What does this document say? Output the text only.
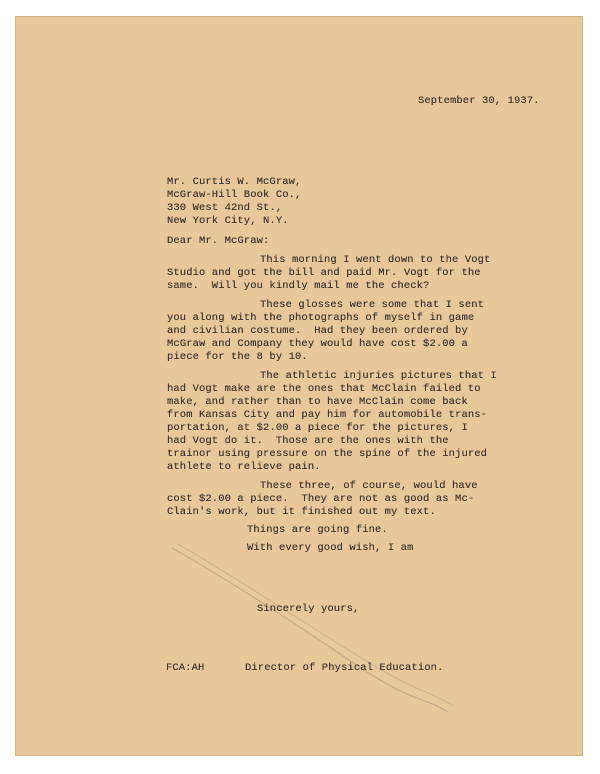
September 30, 1937.
Mr. Curtis W. McGraw,
McGraw-Hill Book Co.,
330 West 42nd St.,
New York City, N.Y.
Dear Mr. McGraw:
This morning I went down to the Vogt
Studio and got the bill and paid Mr. Vogt for the
same.  Will you kindly mail me the check?
These glosses were some that I sent
you along with the photographs of myself in game
and civilian costume.  Had they been ordered by
McGraw and Company they would have cost $2.00 a
piece for the 8 by 10.
The athletic injuries pictures that I
had Vogt make are the ones that McClain failed to
make, and rather than to have McClain come back
from Kansas City and pay him for automobile trans-
portation, at $2.00 a piece for the pictures, I
had Vogt do it.  Those are the ones with the
trainor using pressure on the spine of the injured
athlete to relieve pain.
These three, of course, would have
cost $2.00 a piece.  They are not as good as Mc-
Clain's work, but it finished out my text.
Things are going fine.
With every good wish, I am
Sincerely yours,
FCA:AH	Director of Physical Education.
